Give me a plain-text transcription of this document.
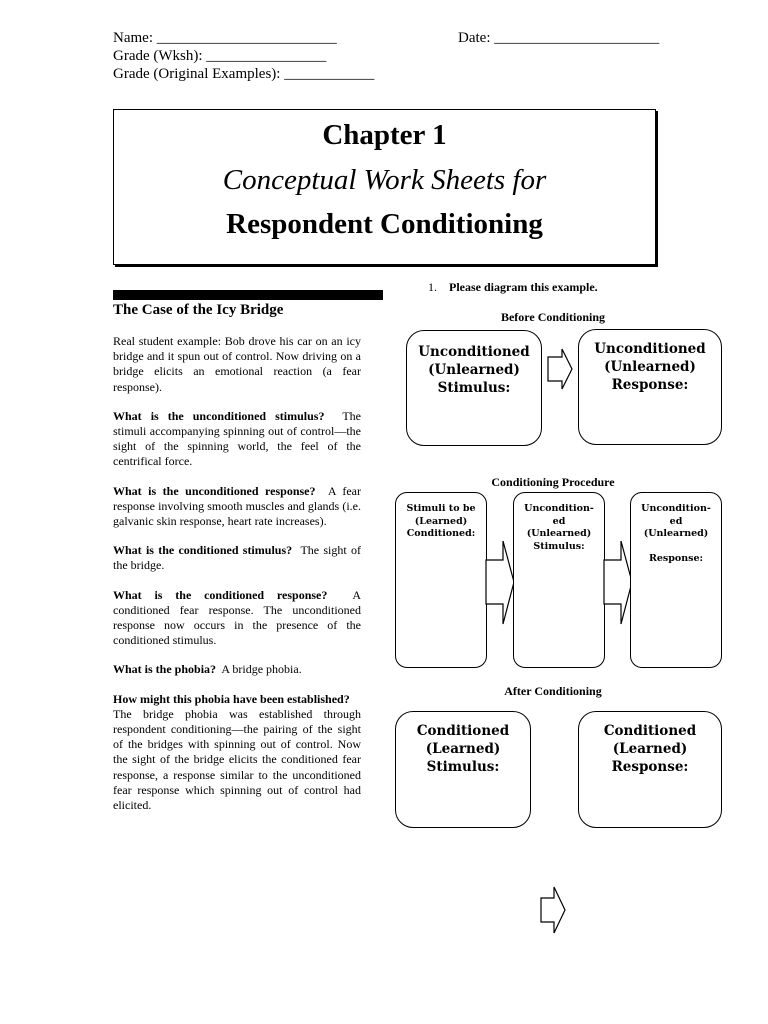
Name: ________________________	Date: ______________________
Grade (Wksh): ________________
Grade (Original Examples): ____________
Chapter 1
Conceptual Work Sheets for
Respondent Conditioning
The Case of the Icy Bridge

Real student example: Bob drove his car on an icy bridge and it spun out of control. Now driving on a bridge elicits an emotional reaction (a fear response).

What is the unconditioned stimulus? The stimuli accompanying spinning out of control—the sight of the spinning world, the feel of the centrifical force.

What is the unconditioned response? A fear response involving smooth muscles and glands (i.e. galvanic skin response, heart rate increases).

What is the conditioned stimulus? The sight of the bridge.

What is the conditioned response? A conditioned fear response. The unconditioned response now occurs in the presence of the conditioned stimulus.

What is the phobia? A bridge phobia.

How might this phobia have been established?
The bridge phobia was established through respondent conditioning—the pairing of the sight of the bridges with spinning out of control. Now the sight of the bridge elicits the conditioned fear response, a response similar to the unconditioned fear response which spinning out of control had elicited.

1. Please diagram this example.
Before Conditioning
Unconditioned
(Unlearned)
Stimulus:
Unconditioned
(Unlearned)
Response:
Conditioning Procedure
Stimuli to be
(Learned)
Conditioned:
Uncondition-
ed
(Unlearned)
Stimulus:
Uncondition-
ed
(Unlearned)

Response:
After Conditioning
Conditioned
(Learned)
Stimulus:
Conditioned
(Learned)
Response:
